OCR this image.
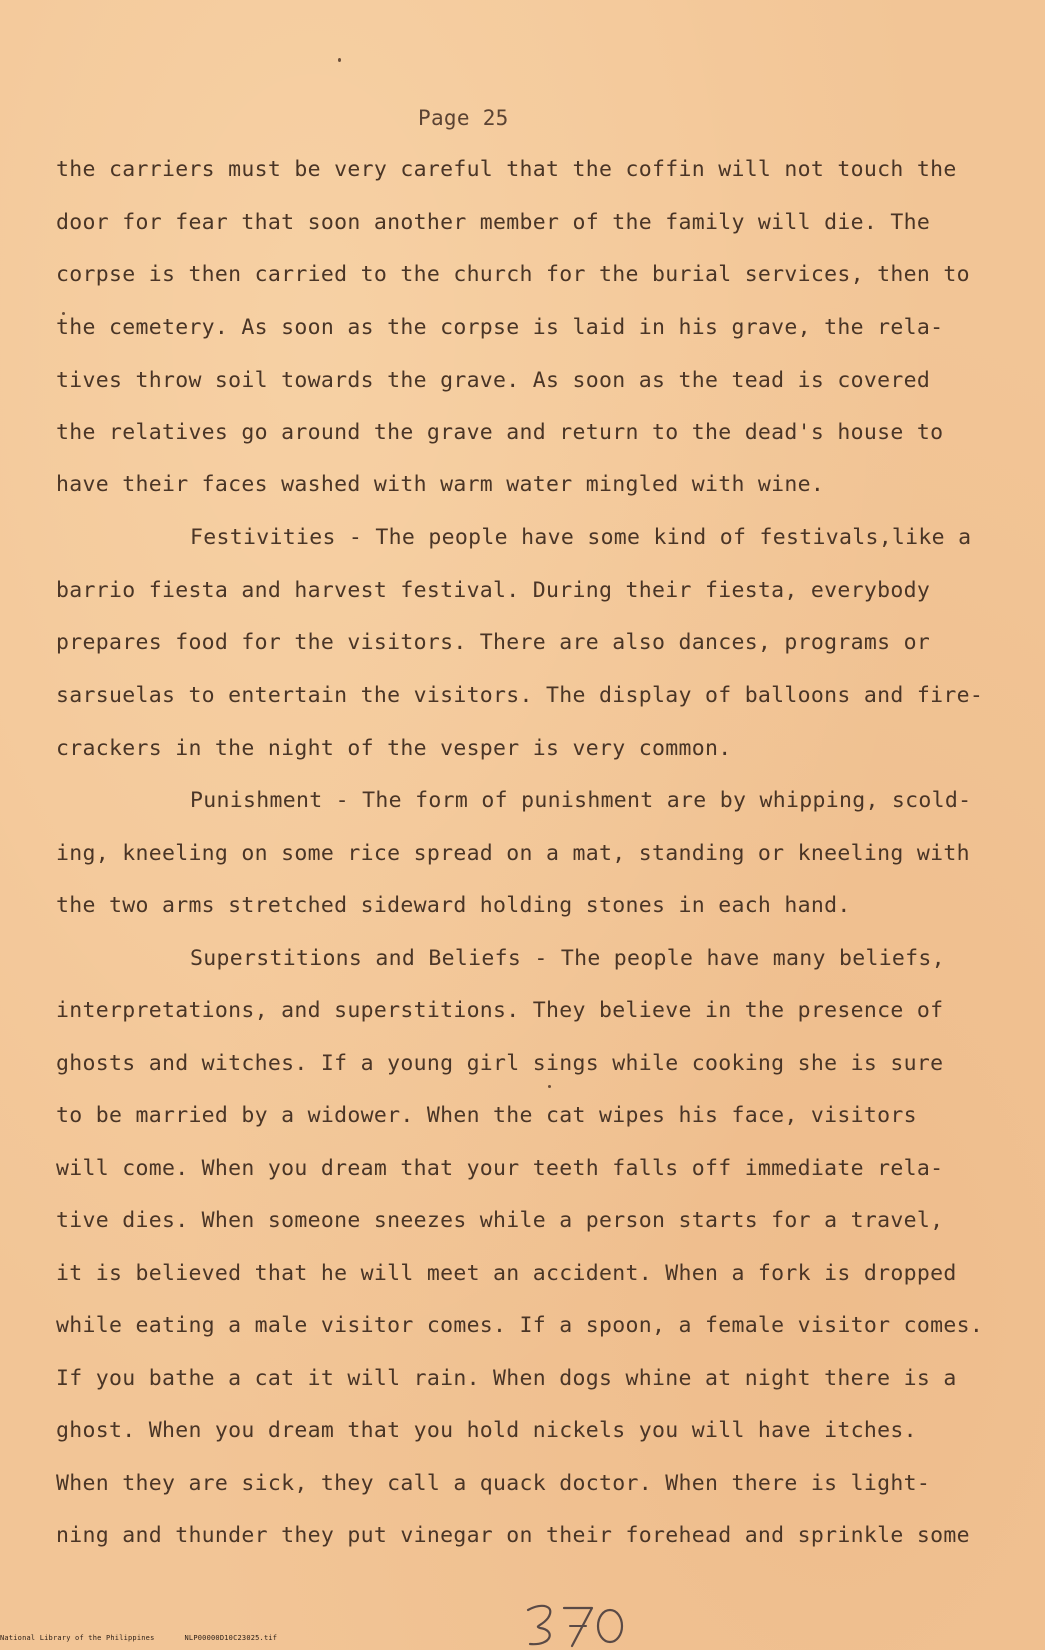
Page 25

the carriers must be very careful that the coffin will not touch the

door for fear that soon another member of the family will die. The

corpse is then carried to the church for the burial services, then to

the cemetery. As soon as the corpse is laid in his grave, the rela-

tives throw soil towards the grave. As soon as the tead is covered

the relatives go around the grave and return to the dead's house to

have their faces washed with warm water mingled with wine.

Festivities - The people have some kind of festivals,like a

barrio fiesta and harvest festival. During their fiesta, everybody

prepares food for the visitors. There are also dances, programs or

sarsuelas to entertain the visitors. The display of balloons and fire-

crackers in the night of the vesper is very common.

Punishment - The form of punishment are by whipping, scold-

ing, kneeling on some rice spread on a mat, standing or kneeling with

the two arms stretched sideward holding stones in each hand.

Superstitions and Beliefs - The people have many beliefs,

interpretations, and superstitions. They believe in the presence of

ghosts and witches. If a young girl sings while cooking she is sure

to be married by a widower. When the cat wipes his face, visitors

will come. When you dream that your teeth falls off immediate rela-

tive dies. When someone sneezes while a person starts for a travel,

it is believed that he will meet an accident. When a fork is dropped

while eating a male visitor comes. If a spoon, a female visitor comes.

If you bathe a cat it will rain. When dogs whine at night there is a

ghost. When you dream that you hold nickels you will have itches.

When they are sick, they call a quack doctor. When there is light-

ning and thunder they put vinegar on their forehead and sprinkle some

National Library of the Philippines	NLP00000D10C23025.tif
